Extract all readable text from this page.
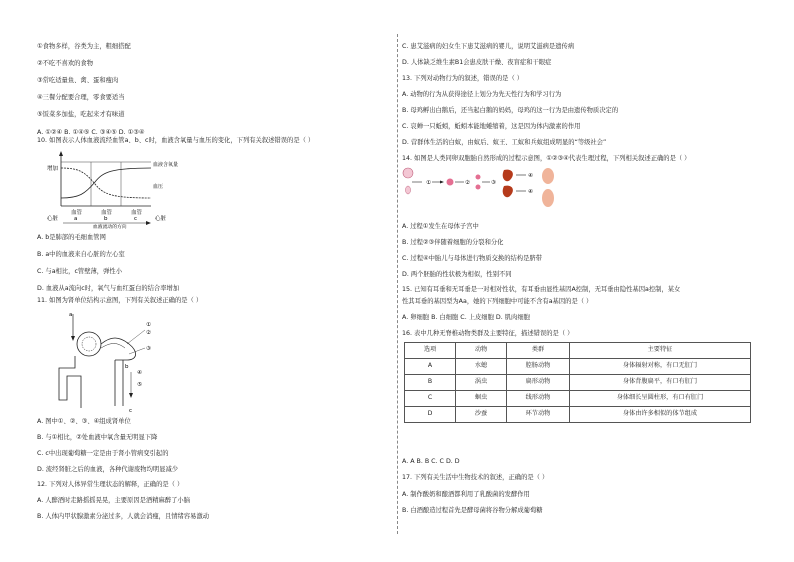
①食物多样，谷类为主，粗细搭配
②不吃不喜欢的食物
③常吃适量鱼、禽、蛋和瘦肉
④三餐分配要合理，零食要适当
⑤饭菜多加盐，吃起来才有味道
A. ①②④ B. ①④⑤ C. ③④⑤ D. ①③④
10. 如图表示人体血液流经血管a、b、c时，血液含氧量与血压的变化，下列有关叙述错误的是（ ）
增加
血液含氧量
血压
血管	血管	血管
a	b	c
心脏	心脏
血液流动的方向
A. b是肺部的毛细血管网
B. a中的血液来自心脏的左心室
C. 与a相比，c管壁薄，弹性小
D. 血液从a流向c时，氧气与血红蛋白的结合率增加
11. 如图为肾单位结构示意图，下列有关叙述正确的是（ ）
a
①
②
③
④
⑤
b
c
A. 图中①、②、③、④组成肾单位
B. 与①相比，②处血液中氧含量无明显下降
C. c中出现葡萄糖一定是由于肾小管病变引起的
D. 流经肾脏之后的血液，各种代谢废物均明显减少
12. 下列对人体异常生理状态的解释，正确的是（ ）
A. 人醉酒时走路摇摇晃晃，主要原因是酒精麻醉了小脑
B. 人体内甲状腺激素分泌过多，人就会消瘦，且情绪容易激动
C. 患艾滋病的妇女生下患艾滋病的婴儿，说明艾滋病是遗传病
D. 人体缺乏维生素B1会患皮肤干燥、夜盲症和干眼症
13. 下列对动物行为的叙述，错误的是（ ）
A. 动物的行为从获得途径上划分为先天性行为和学习行为
B. 母鸡孵出白鹅后，还当起白鹅的妈妈，母鸡的这一行为是由遗传物质决定的
C. 哀蝉一只蚯蚓，蚯蚓本能地蜷缩着，这是因为体内激素的作用
D. 营群体生活的白蚁，由蚁后、蚁王、工蚁和兵蚁组成明显的“等级社会”
14. 如图是人类同卵双胞胎自然形成的过程示意图，①②③④代表生理过程，下列相关叙述正确的是（ ）
①	②	③
④
④
A. 过程①发生在母体子宫中
B. 过程②③伴随着细胞的分裂和分化
C. 过程④中胎儿与母体进行物质交换的结构是脐带
D. 两个胚胎的性状极为相似，性别不同
15. 已知有耳垂和无耳垂是一对相对性状，有耳垂由显性基因A控制，无耳垂由隐性基因a控制，某女
性其耳垂的基因型为Aa，她的下列细胞中可能不含有a基因的是（ ）
A. 卵细胞 B. 白细胞 C. 上皮细胞 D. 肌肉细胞
16. 表中几种无脊椎动物类群及主要特征，描述错误的是（ ）
选项	动物	类群	主要特征
A	水螅	腔肠动物	身体辐射对称，有口无肛门
B	涡虫	扁形动物	身体背腹扁平，有口有肛门
C	蛔虫	线形动物	身体细长呈圆柱形，有口有肛门
D	沙蚕	环节动物	身体由许多相似的体节组成
A. A B. B C. C D. D
17. 下列有关生活中生物技术的叙述，正确的是（ ）
A. 制作酸奶和酿酒都利用了乳酸菌的发酵作用
B. 白酒酿造过程首先是酵母菌将谷物分解成葡萄糖
